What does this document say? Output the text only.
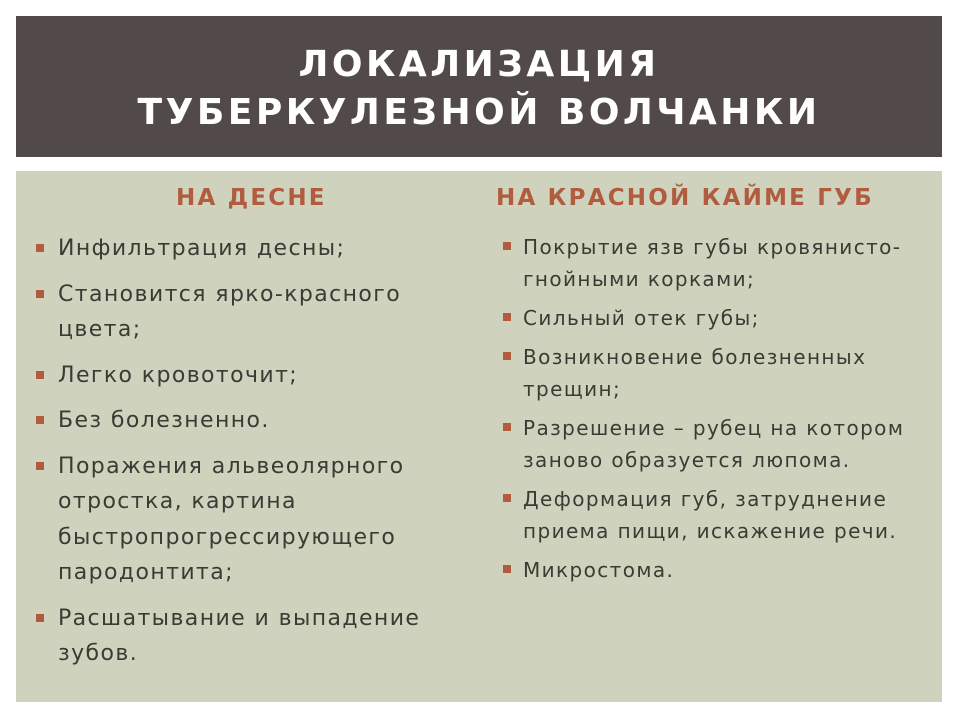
ЛОКАЛИЗАЦИЯ ТУБЕРКУЛЕЗНОЙ ВОЛЧАНКИ
НА ДЕСНЕ	НА КРАСНОЙ КАЙМЕ ГУБ
Инфильтрация десны;
Становится ярко-красного цвета;
Легко кровоточит;
Без болезненно.
Поражения альвеолярного отростка, картина быстропрогрессирующего пародонтита;
Расшатывание и выпадение зубов.
Покрытие язв губы кровянисто-гнойными корками;
Сильный отек губы;
Возникновение болезненных трещин;
Разрешение – рубец на котором заново образуется люпома.
Деформация губ, затруднение приема пищи, искажение речи.
Микростома.
